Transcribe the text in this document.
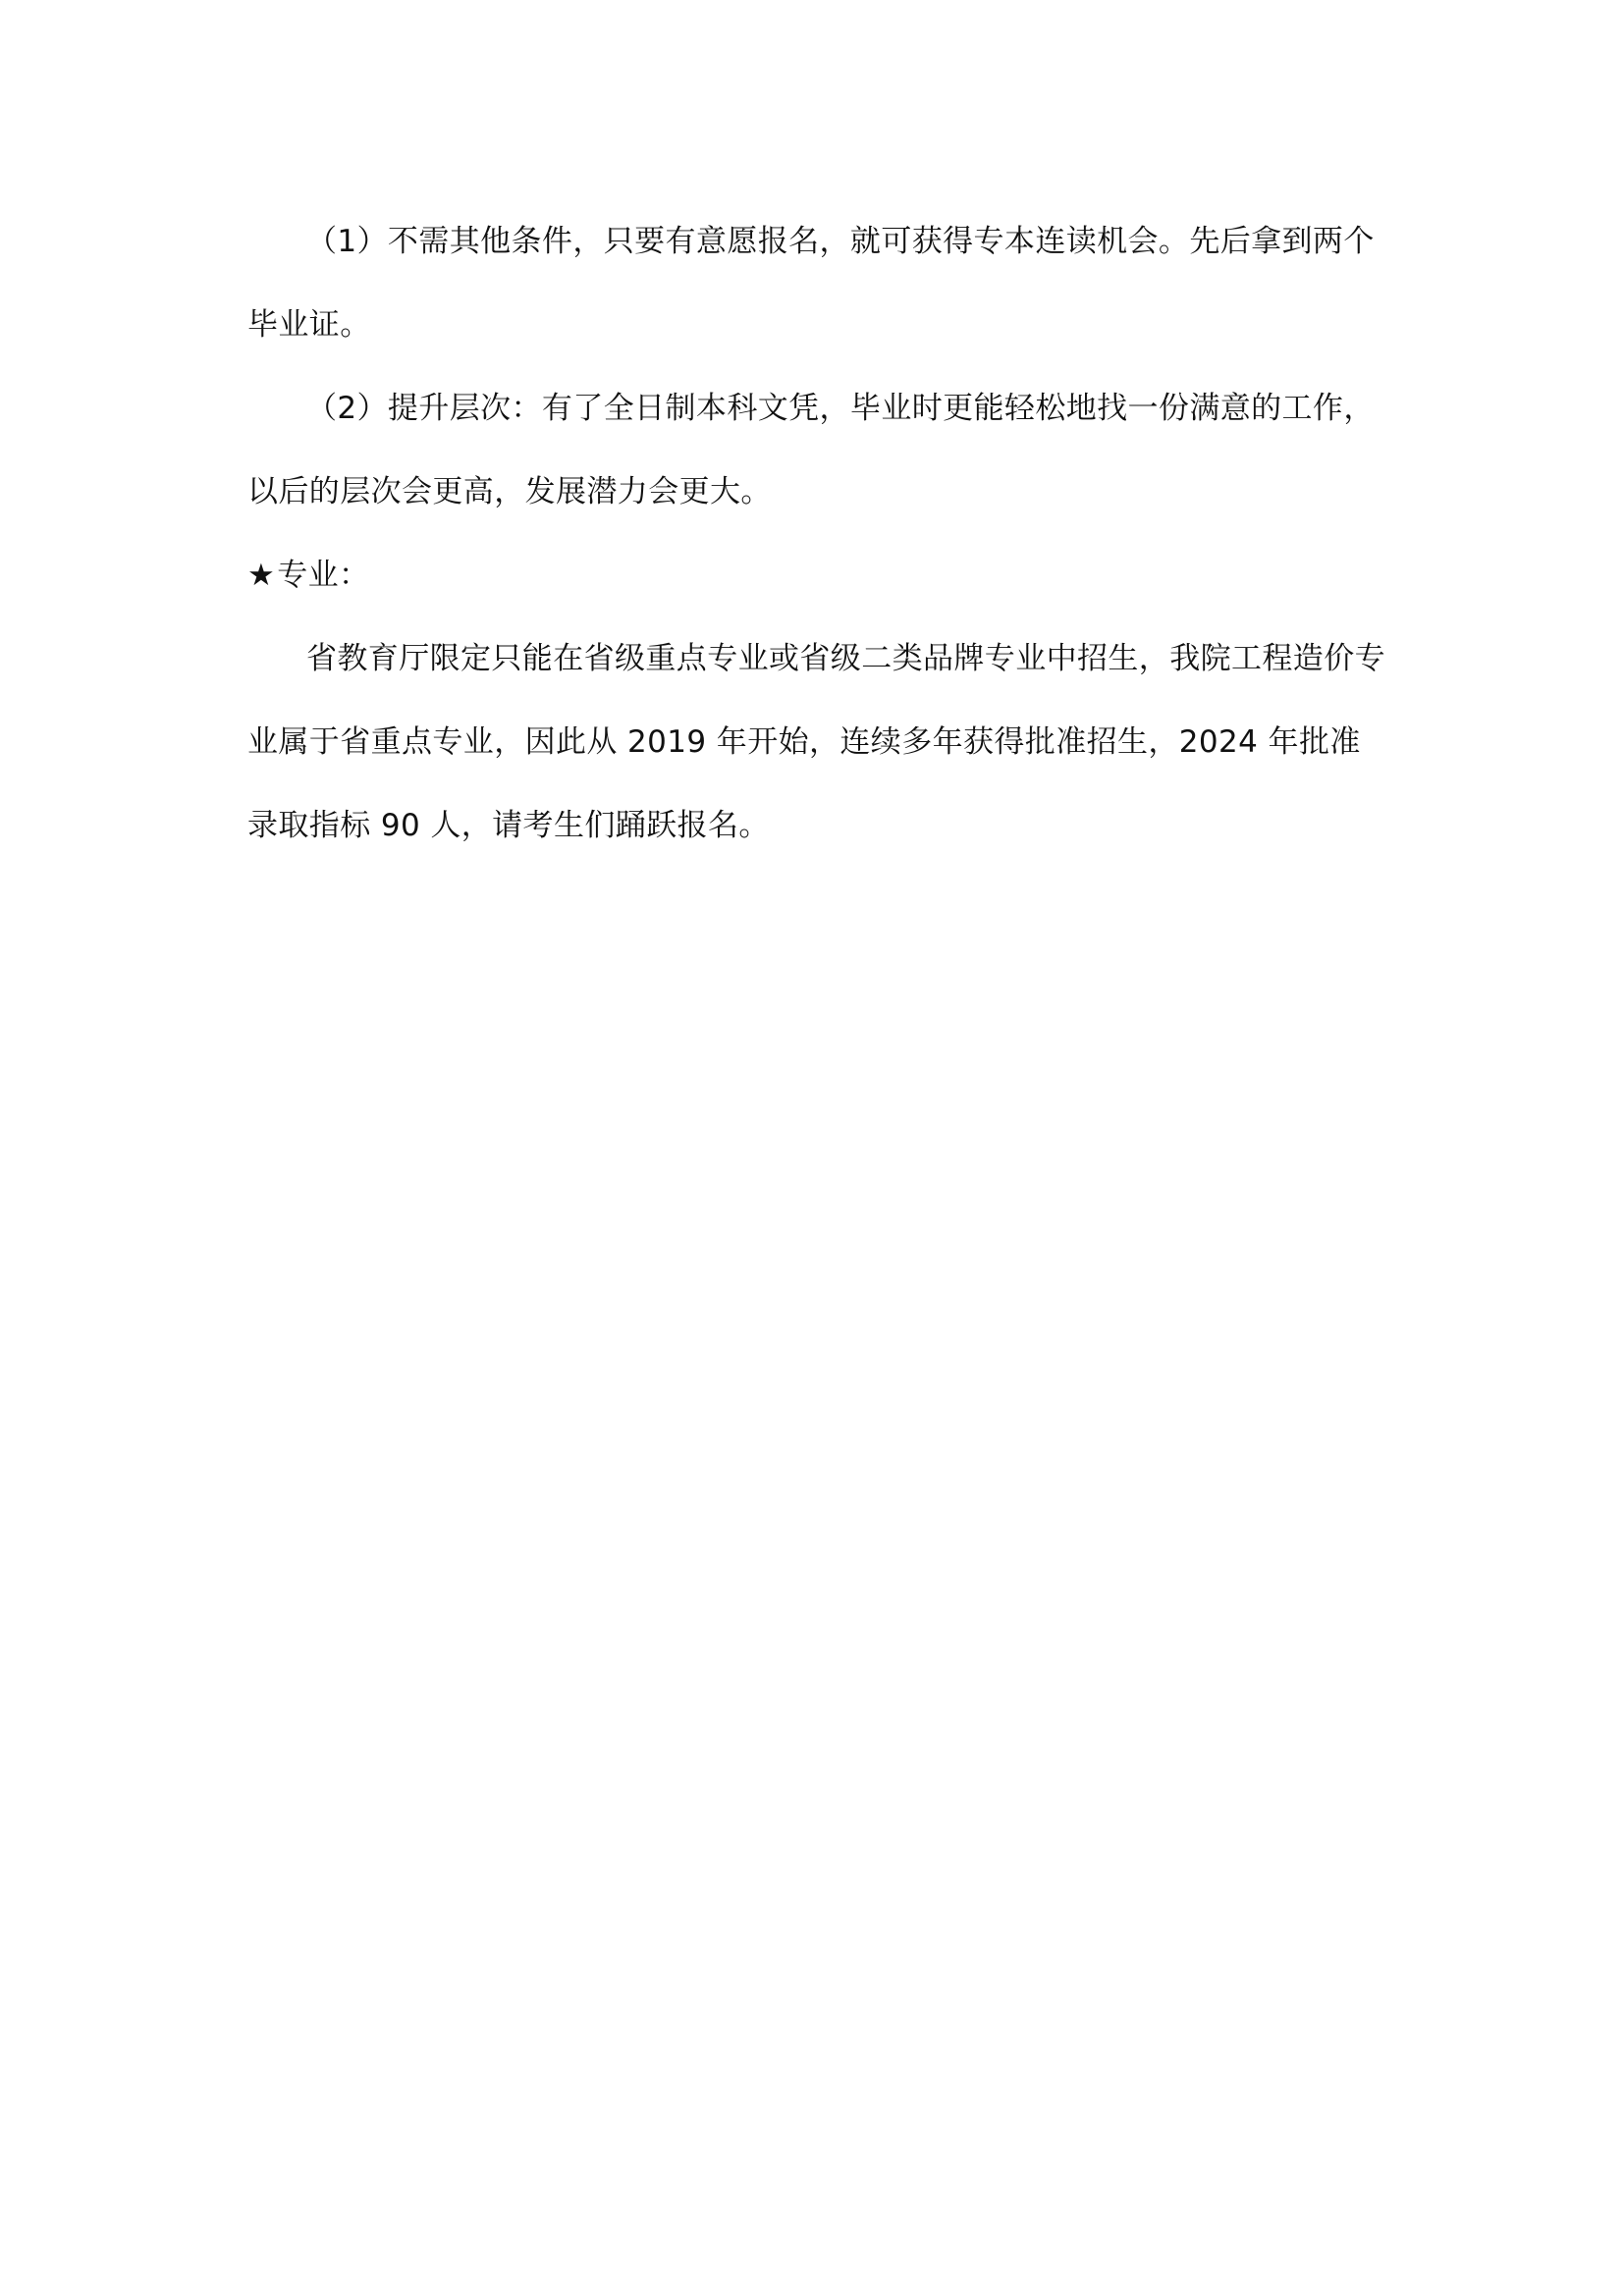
（1）不需其他条件，只要有意愿报名，就可获得专本连读机会。先后拿到两个毕业证。

（2）提升层次：有了全日制本科文凭，毕业时更能轻松地找一份满意的工作，以后的层次会更高，发展潜力会更大。

★专业：

省教育厅限定只能在省级重点专业或省级二类品牌专业中招生，我院工程造价专业属于省重点专业，因此从 2019 年开始，连续多年获得批准招生，2024 年批准录取指标 90 人，请考生们踊跃报名。
